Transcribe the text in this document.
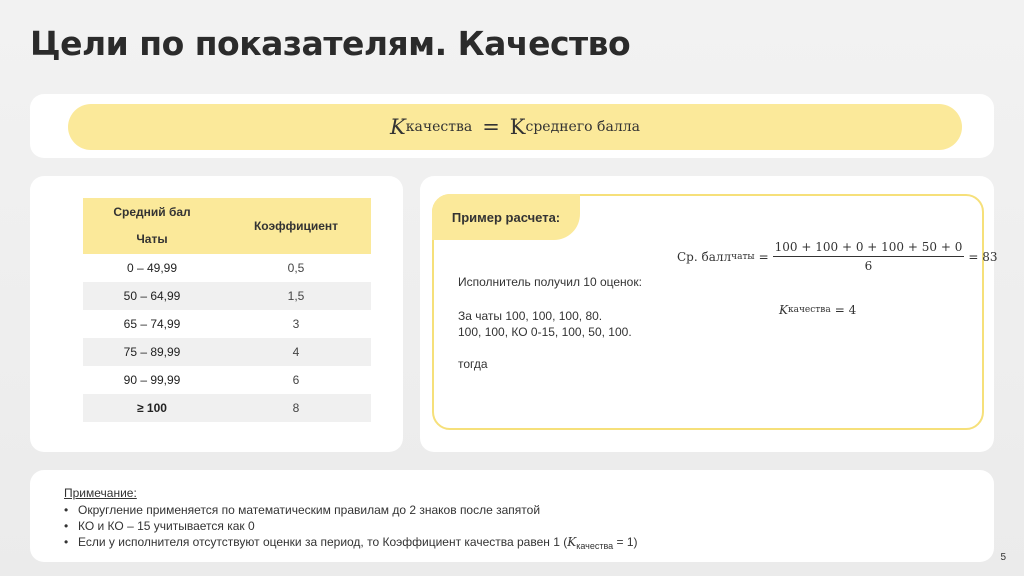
Цели по показателям. Качество
K качества = K среднего балла
Средний бал
Чаты	Коэффициент
0 – 49,99	0,5
50 – 64,99	1,5
65 – 74,99	3
75 – 89,99	4
90 – 99,99	6
≥ 100	8
Пример расчета:
Ср. балл чаты = $\frac{100 + 100 + 0 + 100 + 50 + 0}{6} = 83$
Исполнитель получил 10 оценок:
За чаты 100, 100, 100, 80.
100, 100, КО 0-15, 100, 50, 100.
тогда
K качества = 4
Примечание:
• Округление применяется по математическим правилам до 2 знаков после запятой
• КО и КО – 15 учитывается как 0
• Если у исполнителя отсутствуют оценки за период, то Коэффициент качества равен 1 $(K_{качества} = 1)$
5
